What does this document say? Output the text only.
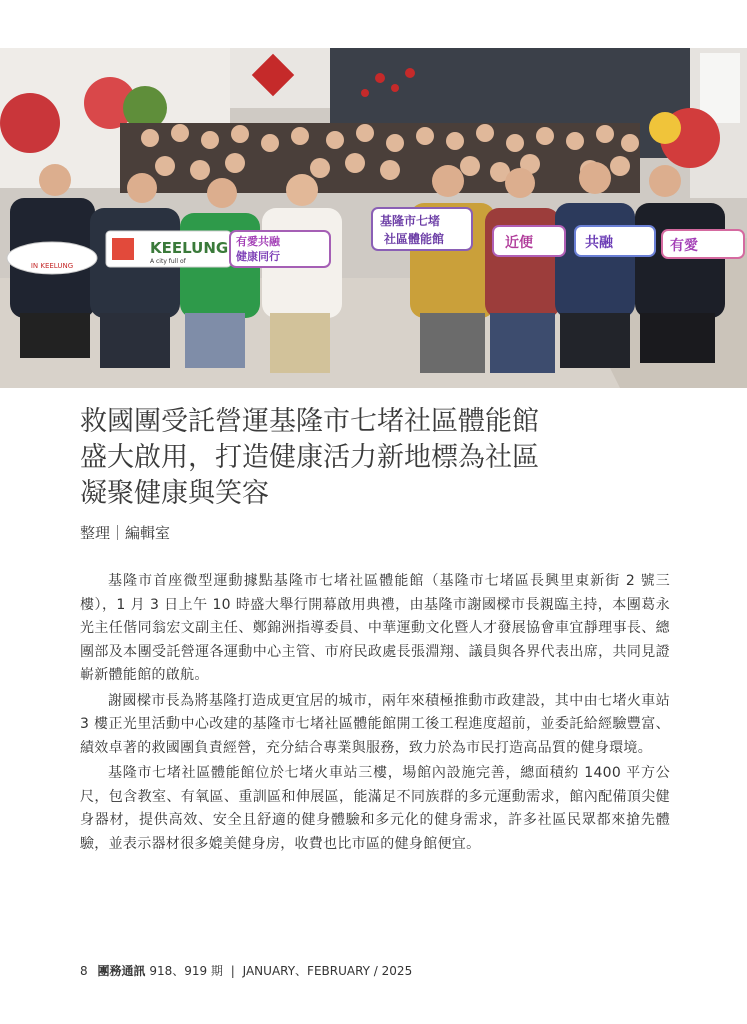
IN KEELUNG
KEELUNG
A city full of
有愛共融
健康同行
基隆市七堵
社區體能館	近便	共融	有愛
救國團受託營運基隆市七堵社區體能館
盛大啟用，打造健康活力新地標為社區
凝聚健康與笑容
整理｜編輯室

基隆市首座微型運動據點基隆市七堵社區體能館（基隆市七堵區長興里東新街 2 號三樓），1 月 3 日上午 10 時盛大舉行開幕啟用典禮，由基隆市謝國樑市長親臨主持，本團葛永光主任偕同翁宏文副主任、鄭錦洲指導委員、中華運動文化暨人才發展協會車宜靜理事長、總團部及本團受託營運各運動中心主管、市府民政處長張淵翔、議員與各界代表出席，共同見證嶄新體能館的啟航。

謝國樑市長為將基隆打造成更宜居的城市，兩年來積極推動市政建設，其中由七堵火車站 3 樓正光里活動中心改建的基隆市七堵社區體能館開工後工程進度超前，並委託給經驗豐富、績效卓著的救國團負責經營，充分結合專業與服務，致力於為市民打造高品質的健身環境。

基隆市七堵社區體能館位於七堵火車站三樓，場館內設施完善，總面積約 1400 平方公尺，包含教室、有氧區、重訓區和伸展區，能滿足不同族群的多元運動需求，館內配備頂尖健身器材，提供高效、安全且舒適的健身體驗和多元化的健身需求，許多社區民眾都來搶先體驗，並表示器材很多媲美健身房，收費也比市區的健身館便宜。

8 團務通訊 918、919 期 | JANUARY、FEBRUARY / 2025
